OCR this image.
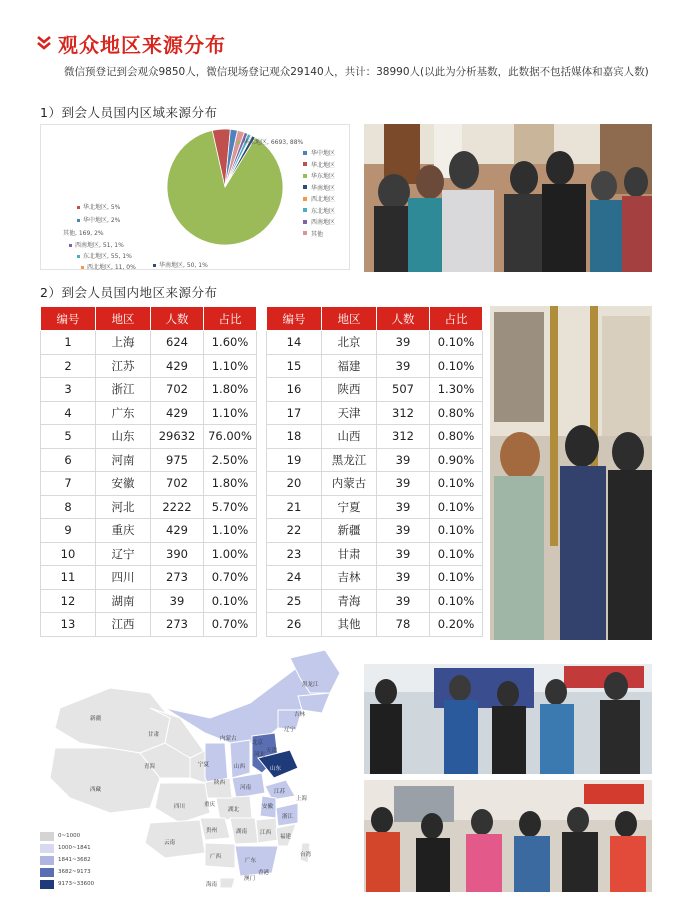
观众地区来源分布

微信预登记到会观众9850人，微信现场登记观众29140人，共计：38990人(以此为分析基数，此数据不包括媒体和嘉宾人数)

1）到会人员国内区域来源分布
华东地区, 6693, 88%
华北地区, 5%
华中地区, 2%
其他, 169, 2%
西南地区, 51, 1%
东北地区, 55, 1%
西北地区, 11, 0%	华南地区, 50, 1%
华中地区
华北地区
华东地区
华南地区
西北地区
东北地区
西南地区
其他
2）到会人员国内地区来源分布
编号	地区	人数	占比
1	上海	624	1.60%
2	江苏	429	1.10%
3	浙江	702	1.80%
4	广东	429	1.10%
5	山东	29632	76.00%
6	河南	975	2.50%
7	安徽	702	1.80%
8	河北	2222	5.70%
9	重庆	429	1.10%
10	辽宁	390	1.00%
11	四川	273	0.70%
12	湖南	39	0.10%
13	江西	273	0.70%
编号	地区	人数	占比
14	北京	39	0.10%
15	福建	39	0.10%
16	陕西	507	1.30%
17	天津	312	0.80%
18	山西	312	0.80%
19	黑龙江	39	0.90%
20	内蒙古	39	0.10%
21	宁夏	39	0.10%
22	新疆	39	0.10%
23	甘肃	39	0.10%
24	吉林	39	0.10%
25	青海	39	0.10%
26	其他	78	0.20%
黑龙江
吉林
辽宁
内蒙古
新疆
西藏
青海
甘肃
宁夏
陕西
山西
河北
北京
天津
山东
河南
江苏
安徽
上海
浙江
湖北
重庆
四川
贵州	湖南 江西
福建
云南
广西
广东
台湾
海南
香港
澳门
0~1000
1000~1841
1841~3682
3682~9173
9173~33600
